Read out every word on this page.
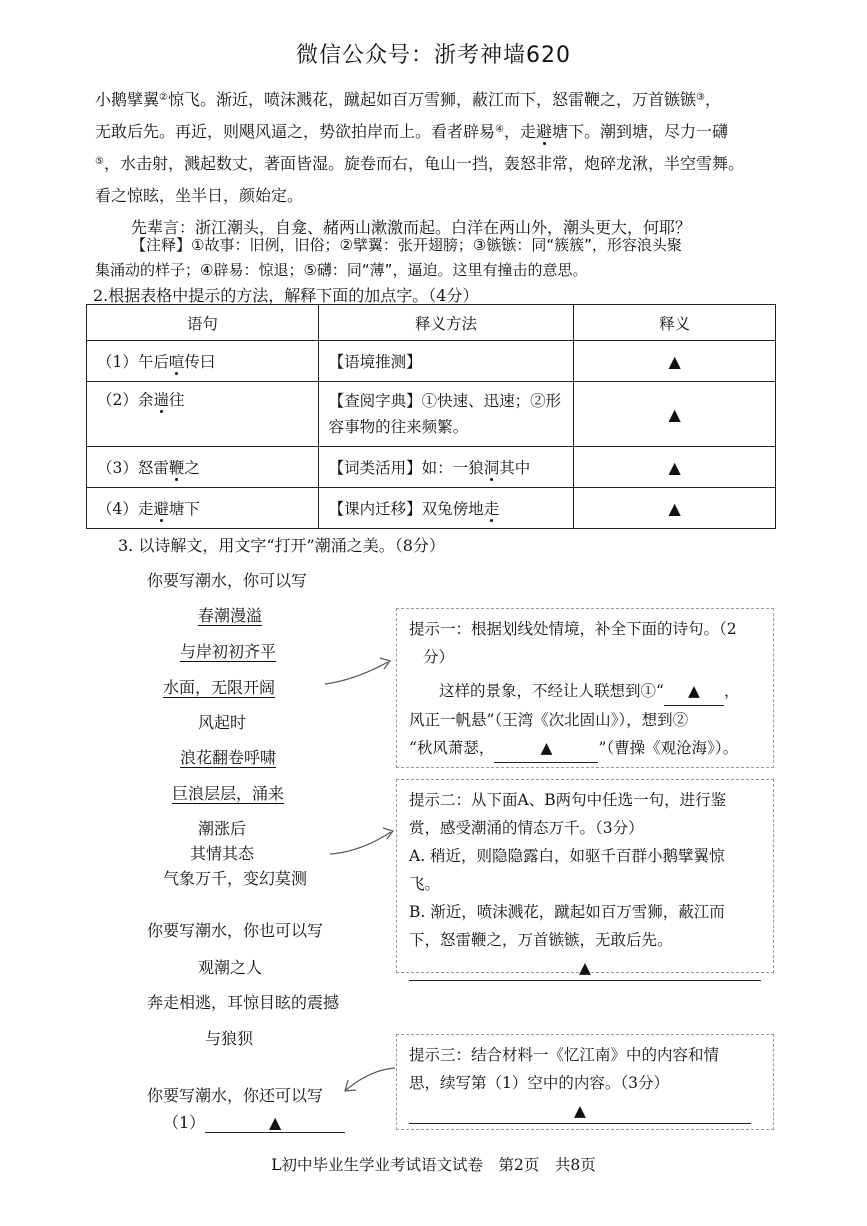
微信公众号：浙考神墙620
小鹅擘翼②惊飞。渐近，喷沫溅花，蹴起如百万雪狮，蔽江而下，怒雷鞭之，万首镞镞③，
无敢后先。再近，则飓风逼之，势欲拍岸而上。看者辟易④，走避塘下。潮到塘，尽力一礴
⑤，水击射，溅起数丈，著面皆湿。旋卷而右，龟山一挡，轰怒非常，炮碎龙湫，半空雪舞。
看之惊眩，坐半日，颜始定。
先辈言：浙江潮头，自龛、赭两山漱激而起。白洋在两山外，潮头更大，何耶？
【注释】①故事：旧例，旧俗；②擘翼：张开翅膀；③镞镞：同“簇簇”，形容浪头聚
集涌动的样子；④辟易：惊退；⑤礴：同“薄”，逼迫。这里有撞击的意思。
2.根据表格中提示的方法，解释下面的加点字。（4分）
语句	释义方法	释义
（1）午后喧传曰	【语境推测】	▲
（2）余遄往	【查阅字典】①快速、迅速；②形容事物的往来频繁。	▲
（3）怒雷鞭之	【词类活用】如：一狼洞其中	▲
（4）走避塘下	【课内迁移】双兔傍地走	▲
3. 以诗解文，用文字“打开”潮涌之美。（8分）
你要写潮水，你可以写
春潮漫溢
与岸初初齐平
水面，无限开阔
风起时
浪花翻卷呼啸
巨浪层层，涌来
潮涨后
其情其态
气象万千，变幻莫测
你要写潮水，你也可以写
观潮之人
奔走相逃，耳惊目眩的震撼
与狼狈
你要写潮水，你还可以写
（1）	▲
提示一：根据划线处情境，补全下面的诗句。（2
分）
这样的景象，不经让人联想到①“ ▲ ，
风正一帆悬”（王湾《次北固山》），想到②
“秋风萧瑟，	▲	”（曹操《观沧海》）。
提示二：从下面A、B两句中任选一句，进行鉴
赏，感受潮涌的情态万千。（3分）
A. 稍近，则隐隐露白，如驱千百群小鹅擘翼惊
飞。
B. 渐近，喷沫溅花，蹴起如百万雪狮，蔽江而
下，怒雷鞭之，万首镞镞，无敢后先。
▲
提示三：结合材料一《忆江南》中的内容和情
思，续写第（1）空中的内容。（3分）
▲
L初中毕业生学业考试语文试卷　第2页　共8页
